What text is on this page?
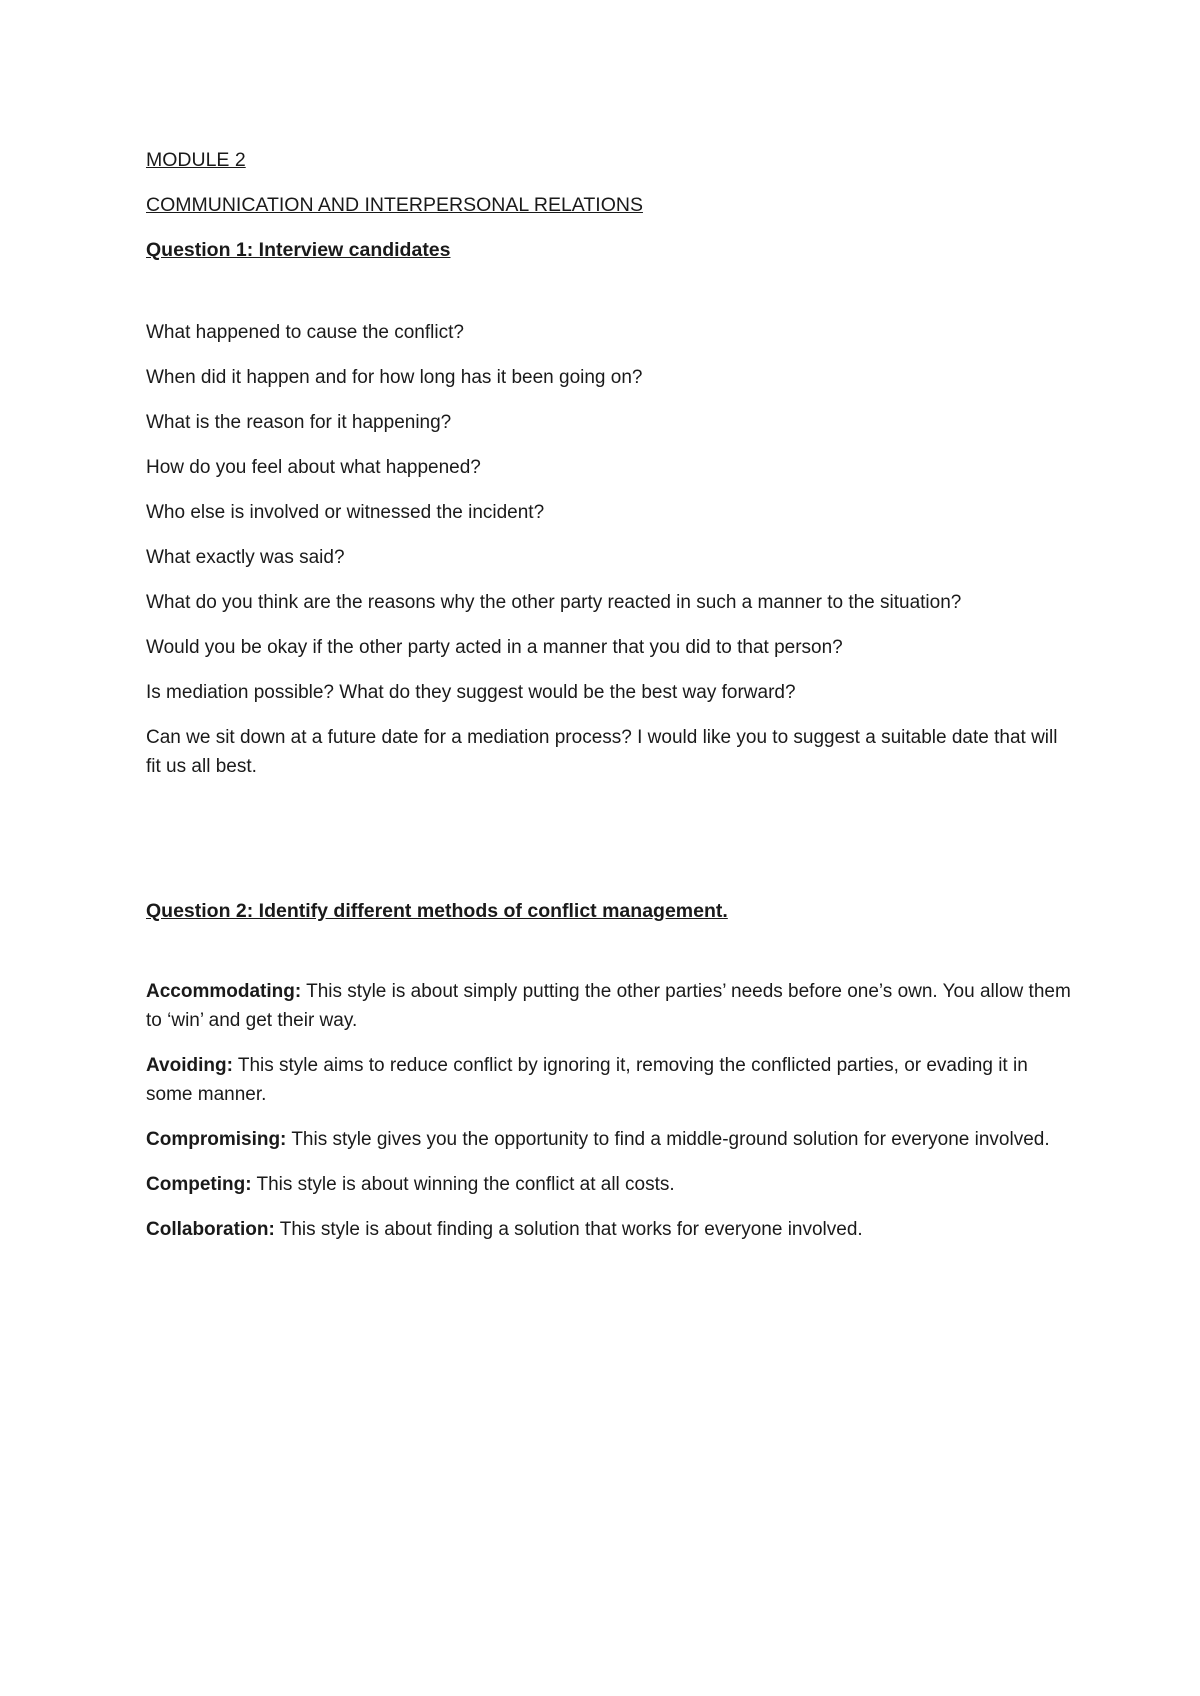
MODULE 2
COMMUNICATION AND INTERPERSONAL RELATIONS
Question 1: Interview candidates

What happened to cause the conflict?

When did it happen and for how long has it been going on?

What is the reason for it happening?

How do you feel about what happened?

Who else is involved or witnessed the incident?

What exactly was said?

What do you think are the reasons why the other party reacted in such a manner to the situation?

Would you be okay if the other party acted in a manner that you did to that person?

Is mediation possible? What do they suggest would be the best way forward?

Can we sit down at a future date for a mediation process? I would like you to suggest a suitable date that will fit us all best.

Question 2: Identify different methods of conflict management.

Accommodating: This style is about simply putting the other parties’ needs before one’s own. You allow them to ‘win’ and get their way.

Avoiding: This style aims to reduce conflict by ignoring it, removing the conflicted parties, or evading it in some manner.

Compromising: This style gives you the opportunity to find a middle-ground solution for everyone involved.

Competing: This style is about winning the conflict at all costs.

Collaboration: This style is about finding a solution that works for everyone involved.
